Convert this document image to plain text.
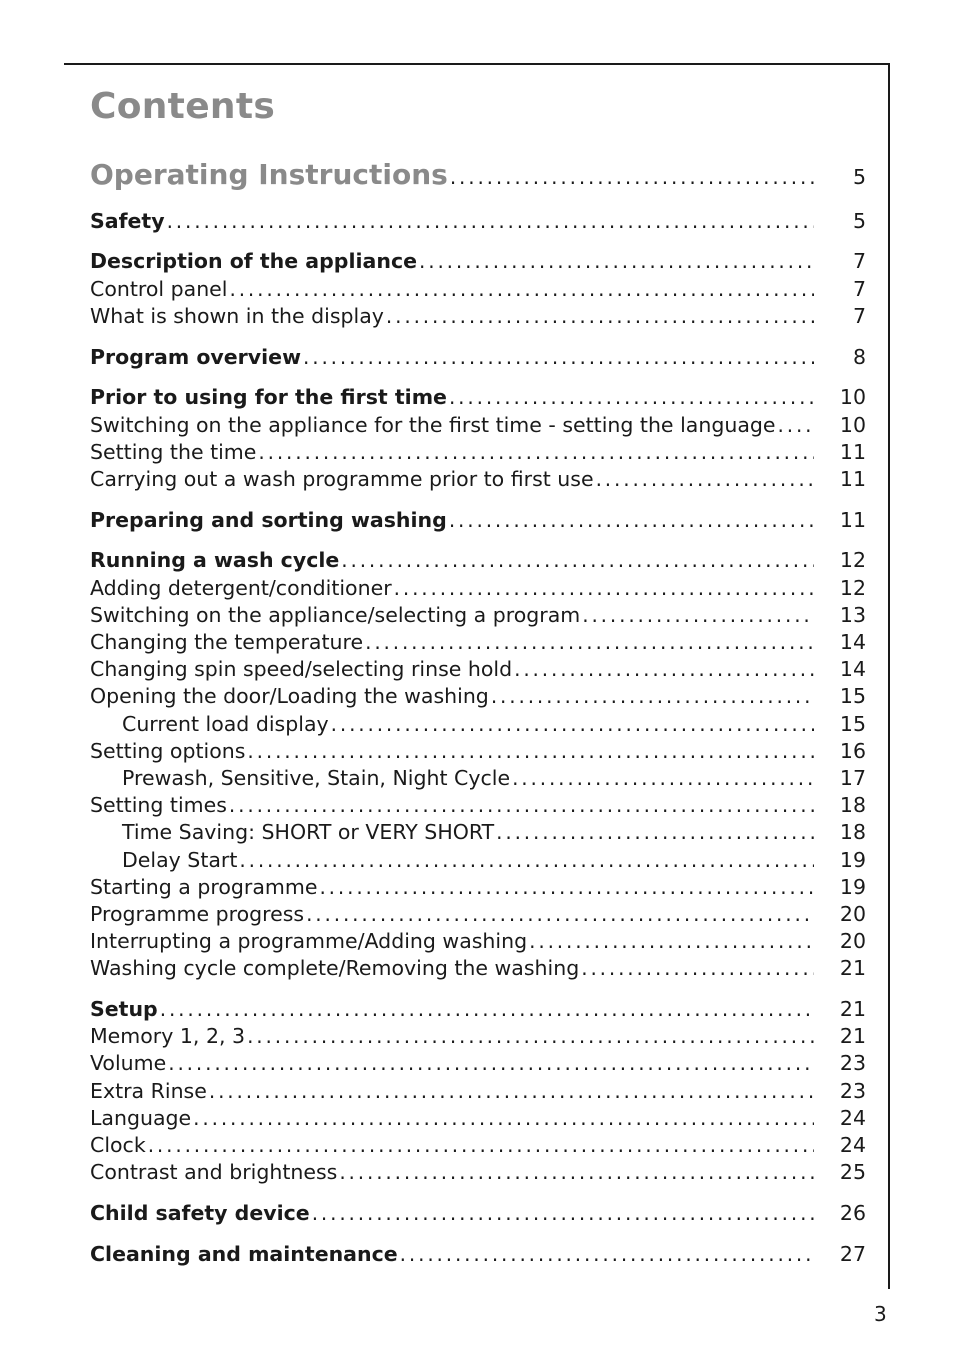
Contents
Operating Instructions . . .	5
Safety . . .	5
Description of the appliance . . .	7
Control panel . . .	7
What is shown in the display . . .	7
Program overview . . .	8
Prior to using for the first time . . .	10
Switching on the appliance for the first time - setting the language . . .	10
Setting the time . . .	11
Carrying out a wash programme prior to first use . . .	11
Preparing and sorting washing . . .	11
Running a wash cycle . . .	12
Adding detergent/conditioner . . .	12
Switching on the appliance/selecting a program . . .	13
Changing the temperature . . .	14
Changing spin speed/selecting rinse hold . . .	14
Opening the door/Loading the washing . . .	15
Current load display . . .	15
Setting options . . .	16
Prewash, Sensitive, Stain, Night Cycle . . .	17
Setting times . . .	18
Time Saving: SHORT or VERY SHORT . . .	18
Delay Start . . .	19
Starting a programme . . .	19
Programme progress . . .	20
Interrupting a programme/Adding washing . . .	20
Washing cycle complete/Removing the washing . . .	21
Setup . . .	21
Memory 1, 2, 3 . . .	21
Volume . . .	23
Extra Rinse . . .	23
Language . . .	24
Clock . . .	24
Contrast and brightness . . .	25
Child safety device . . .	26
Cleaning and maintenance . . .	27
3
